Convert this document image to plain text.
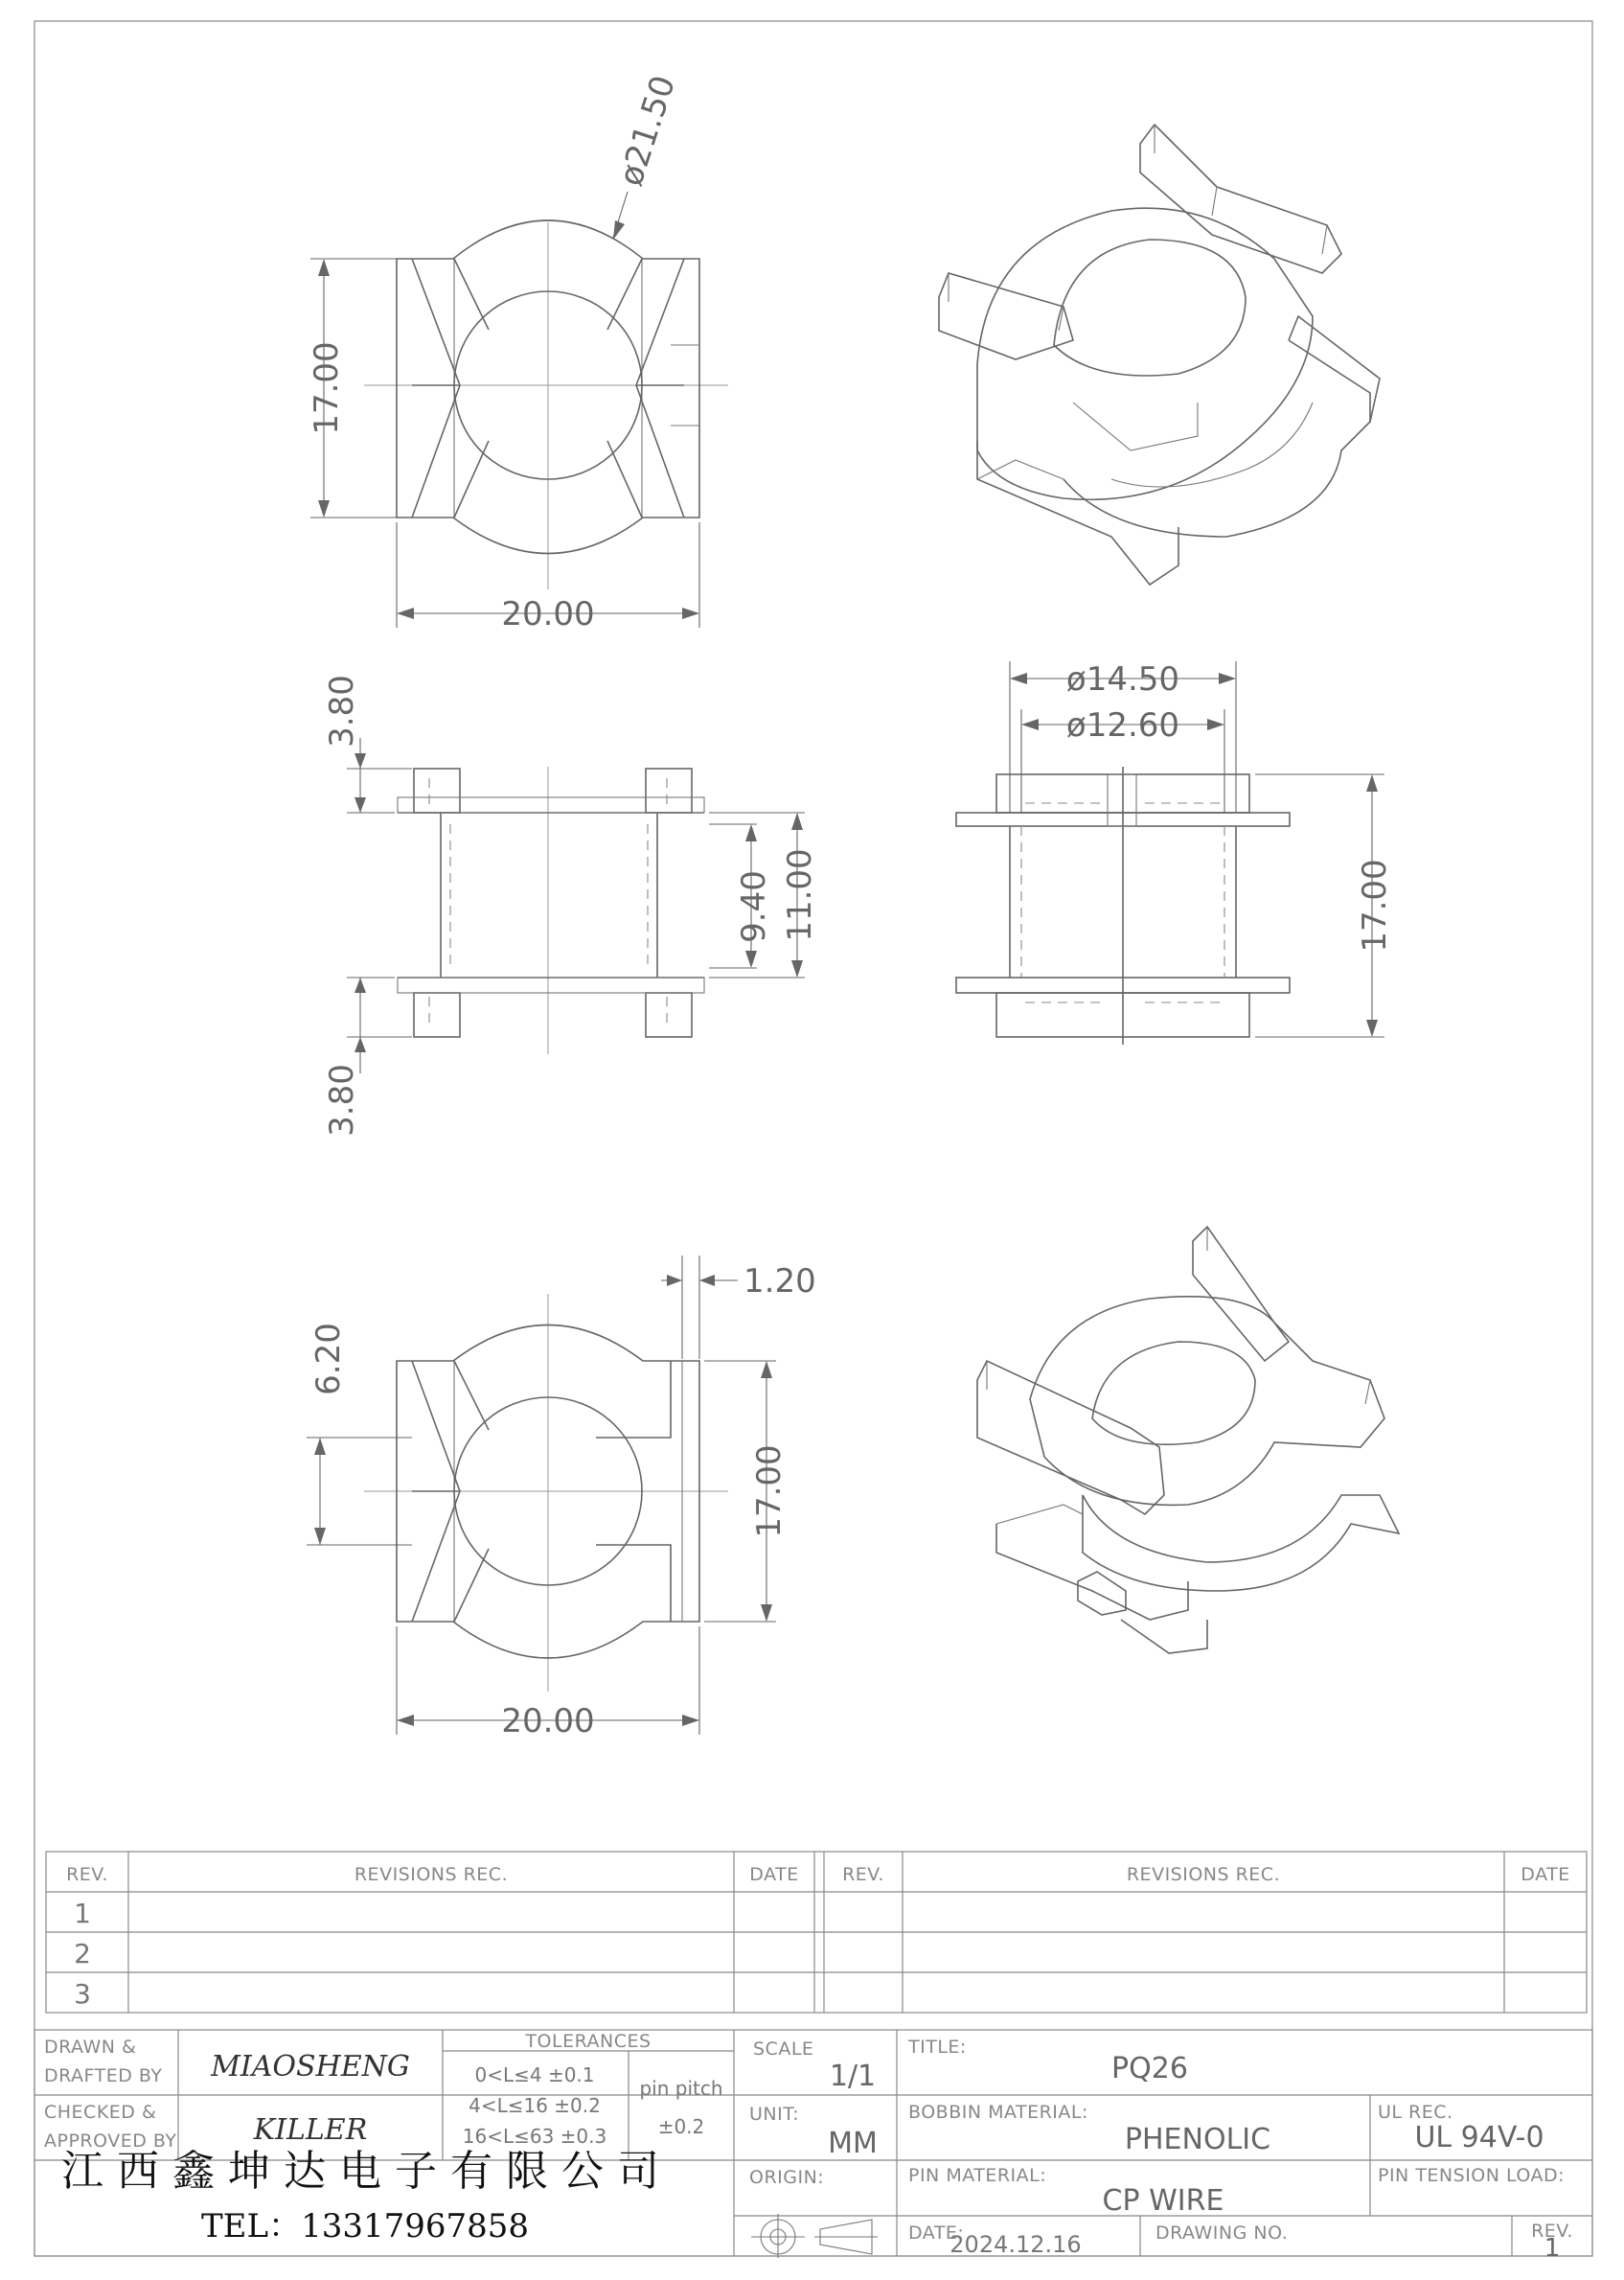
17.00
20.00
ø21.50
3.80
3.80
9.40 11.00
ø14.50
ø12.60
17.00
6.20
1.20
17.00
20.00
REV.	REVISIONS REC.	DATE REV.	REVISIONS REC.	DATE
1
2
3
DRAWN &
DRAFTED BY MIAOSHENG
CHECKED &
APPROVED BY	KILLER
TOLERANCES
0<L≤4 ±0.1
4<L≤16 ±0.2
16<L≤63 ±0.3
pin pitch
±0.2
SCALE
1/1
UNIT:
MM
ORIGIN:
TITLE:
PQ26
BOBBIN MATERIAL:
PHENOLIC
UL REC.
UL 94V-0
PIN MATERIAL:
CP WIRE
PIN TENSION LOAD:
DATE:
2024.12.16	DRAWING NO.	REV.
1
江西鑫坤达电子有限公司
TEL：13317967858
